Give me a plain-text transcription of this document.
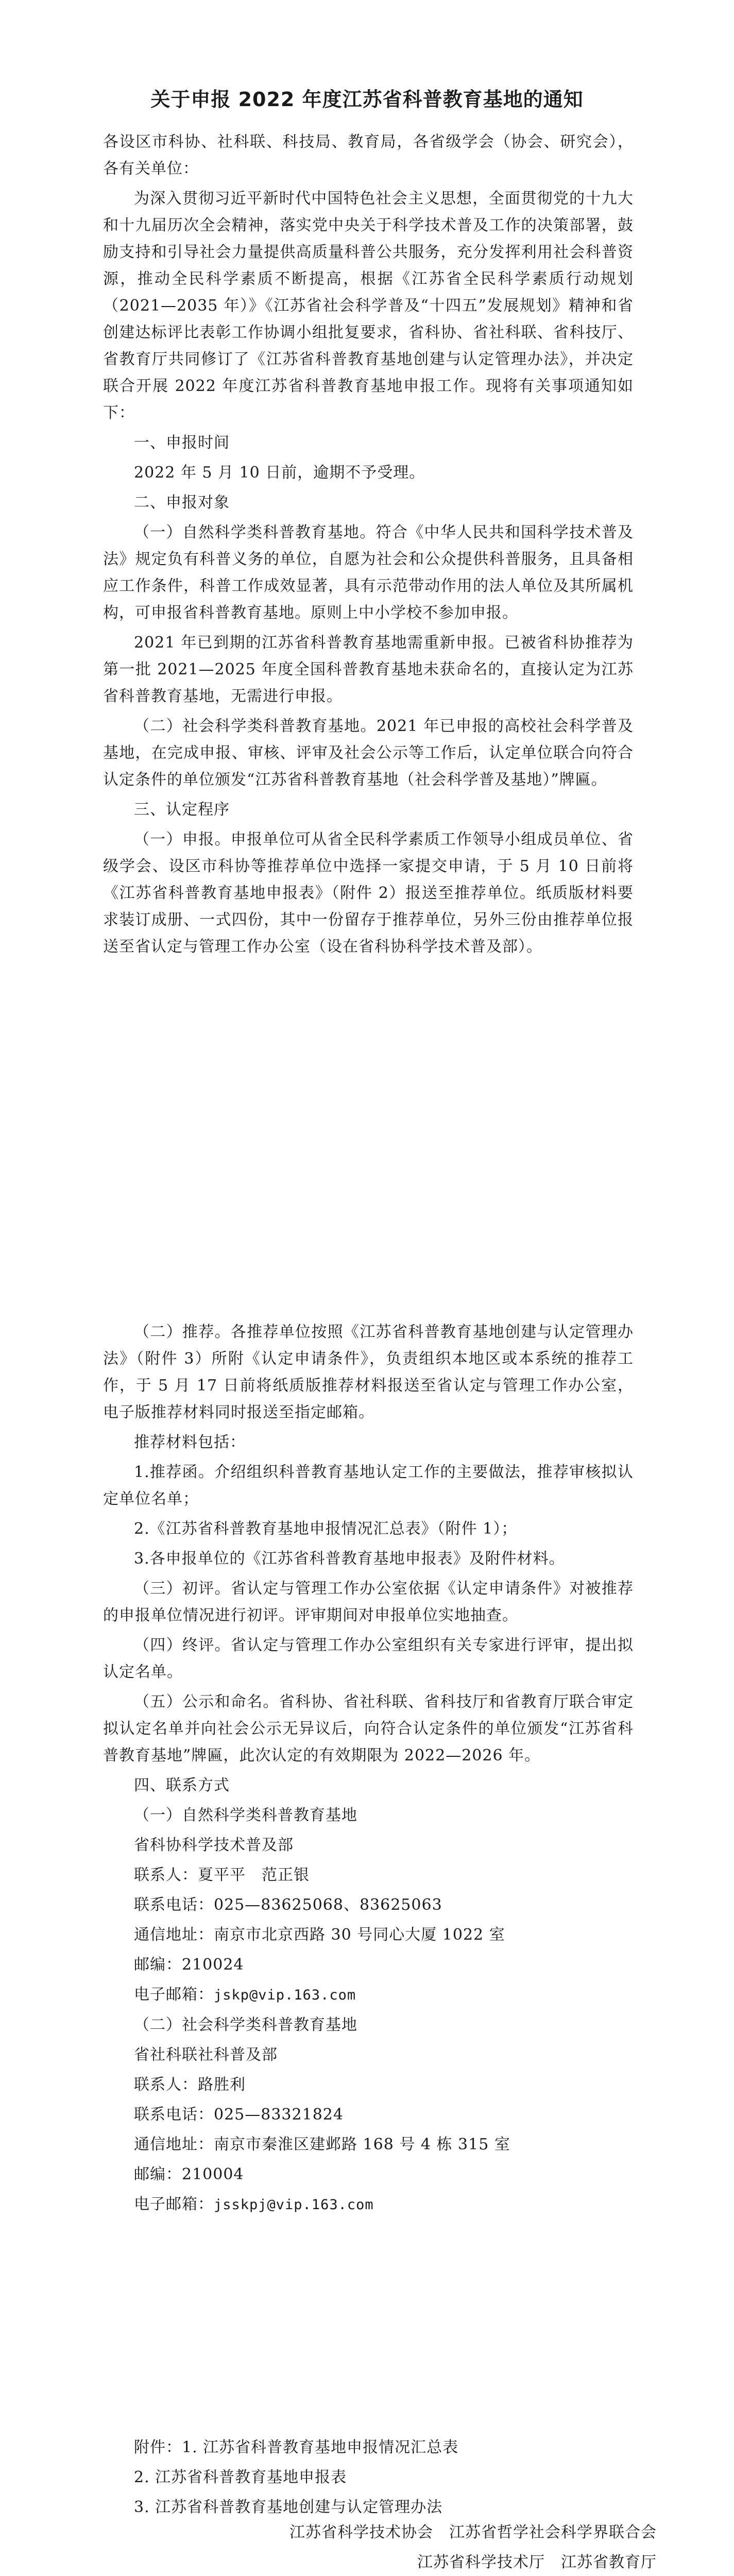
关于申报 2022 年度江苏省科普教育基地的通知

各设区市科协、社科联、科技局、教育局，各省级学会（协会、研究会），各有关单位：

为深入贯彻习近平新时代中国特色社会主义思想，全面贯彻党的十九大和十九届历次全会精神，落实党中央关于科学技术普及工作的决策部署，鼓励支持和引导社会力量提供高质量科普公共服务，充分发挥利用社会科普资源，推动全民科学素质不断提高，根据《江苏省全民科学素质行动规划（2021—2035 年）》《江苏省社会科学普及“十四五”发展规划》精神和省创建达标评比表彰工作协调小组批复要求，省科协、省社科联、省科技厅、省教育厅共同修订了《江苏省科普教育基地创建与认定管理办法》，并决定联合开展 2022 年度江苏省科普教育基地申报工作。现将有关事项通知如下：

一、申报时间

2022 年 5 月 10 日前，逾期不予受理。

二、申报对象

（一）自然科学类科普教育基地。符合《中华人民共和国科学技术普及法》规定负有科普义务的单位，自愿为社会和公众提供科普服务，且具备相应工作条件，科普工作成效显著，具有示范带动作用的法人单位及其所属机构，可申报省科普教育基地。原则上中小学校不参加申报。

2021 年已到期的江苏省科普教育基地需重新申报。已被省科协推荐为第一批 2021—2025 年度全国科普教育基地未获命名的，直接认定为江苏省科普教育基地，无需进行申报。

（二）社会科学类科普教育基地。2021 年已申报的高校社会科学普及基地，在完成申报、审核、评审及社会公示等工作后，认定单位联合向符合认定条件的单位颁发“江苏省科普教育基地（社会科学普及基地）”牌匾。

三、认定程序

（一）申报。申报单位可从省全民科学素质工作领导小组成员单位、省级学会、设区市科协等推荐单位中选择一家提交申请，于 5 月 10 日前将《江苏省科普教育基地申报表》（附件 2）报送至推荐单位。纸质版材料要求装订成册、一式四份，其中一份留存于推荐单位，另外三份由推荐单位报送至省认定与管理工作办公室（设在省科协科学技术普及部）。

（二）推荐。各推荐单位按照《江苏省科普教育基地创建与认定管理办法》（附件 3）所附《认定申请条件》，负责组织本地区或本系统的推荐工作，于 5 月 17 日前将纸质版推荐材料报送至省认定与管理工作办公室，电子版推荐材料同时报送至指定邮箱。

推荐材料包括：

1.推荐函。介绍组织科普教育基地认定工作的主要做法，推荐审核拟认定单位名单；

2.《江苏省科普教育基地申报情况汇总表》（附件 1）；

3.各申报单位的《江苏省科普教育基地申报表》及附件材料。

（三）初评。省认定与管理工作办公室依据《认定申请条件》对被推荐的申报单位情况进行初评。评审期间对申报单位实地抽查。

（四）终评。省认定与管理工作办公室组织有关专家进行评审，提出拟认定名单。

（五）公示和命名。省科协、省社科联、省科技厅和省教育厅联合审定拟认定名单并向社会公示无异议后，向符合认定条件的单位颁发“江苏省科普教育基地”牌匾，此次认定的有效期限为 2022—2026 年。

四、联系方式

（一）自然科学类科普教育基地

省科协科学技术普及部

联系人：夏平平　范正银

联系电话：025—83625068、83625063

通信地址：南京市北京西路 30 号同心大厦 1022 室

邮编：210024

电子邮箱：jskp@vip.163.com

（二）社会科学类科普教育基地

省社科联社科普及部

联系人：路胜利

联系电话：025—83321824

通信地址：南京市秦淮区建邺路 168 号 4 栋 315 室

邮编：210004

电子邮箱：jsskpj@vip.163.com

附件：1. 江苏省科普教育基地申报情况汇总表

2. 江苏省科普教育基地申报表

3. 江苏省科普教育基地创建与认定管理办法

江苏省科学技术协会　江苏省哲学社会科学界联合会
江苏省科学技术厅　江苏省教育厅
